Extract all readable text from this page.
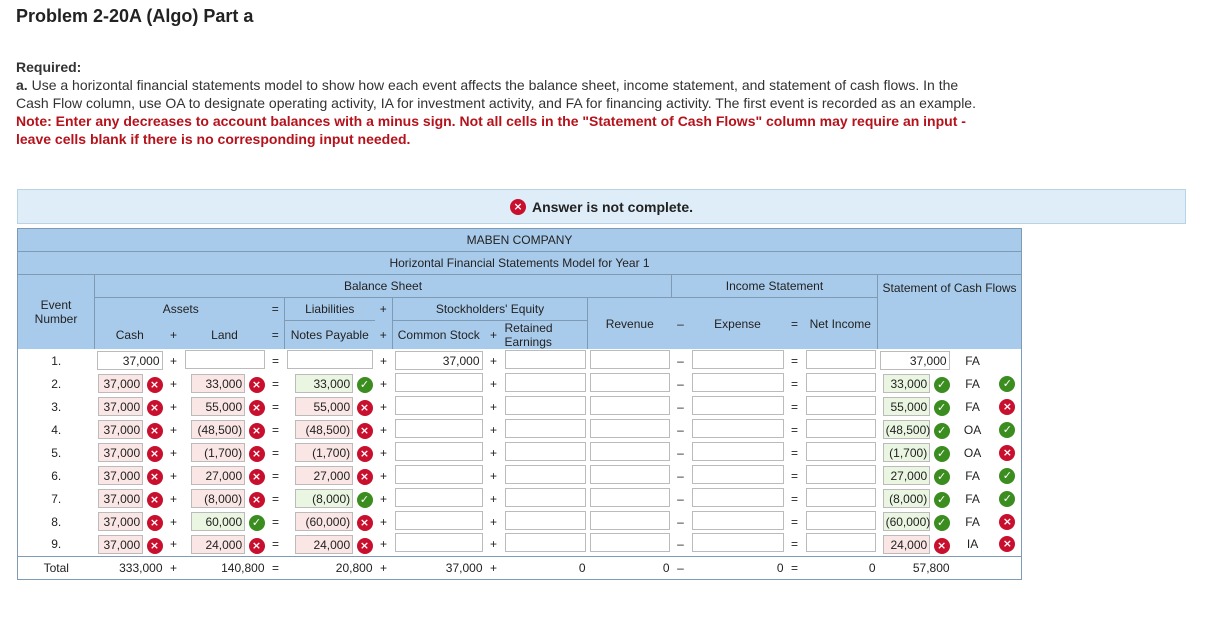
Problem 2-20A (Algo) Part a
Required:
a. Use a horizontal financial statements model to show how each event affects the balance sheet, income statement, and statement of cash flows. In the Cash Flow column, use OA to designate operating activity, IA for investment activity, and FA for financing activity. The first event is recorded as an example.
Note: Enter any decreases to account balances with a minus sign. Not all cells in the "Statement of Cash Flows" column may require an input - leave cells blank if there is no corresponding input needed.
× Answer is not complete.
MABEN COMPANY																	
Horizontal Financial Statements Model for Year 1																	
Event Number	Balance Sheet										Income Statement				Statement of Cash Flows		
	Assets			=	Liabilities	+	Stockholders' Equity			Revenue	–	Expense	=	Net Income			
	Cash	+	Land	=	Notes Payable	+	Common Stock	+	Retained Earnings								
1.	37,000	+		=		+	37,000	+			–		=		37,000	FA	
2.	37,000 ×	+	33,000 ×	=	33,000 ✓	+		+			–		=		33,000 ✓	FA	✓
3.	37,000 ×	+	55,000 ×	=	55,000 ×	+		+			–		=		55,000 ✓	FA	×
4.	37,000 ×	+	(48,500) ×	=	(48,500) ×	+		+			–		=		(48,500) ✓	OA	✓
5.	37,000 ×	+	(1,700) ×	=	(1,700) ×	+		+			–		=		(1,700) ✓	OA	×
6.	37,000 ×	+	27,000 ×	=	27,000 ×	+		+			–		=		27,000 ✓	FA	✓
7.	37,000 ×	+	(8,000) ×	=	(8,000) ✓	+		+			–		=		(8,000) ✓	FA	✓
8.	37,000 ×	+	60,000 ✓	=	(60,000) ×	+		+			–		=		(60,000) ✓	FA	×
9.	37,000 ×	+	24,000 ×	=	24,000 ×	+		+			–		=		24,000 ×	IA	×
Total	333,000	+	140,800	=	20,800	+	37,000	+	0	0	–	0	=	0	57,800		
